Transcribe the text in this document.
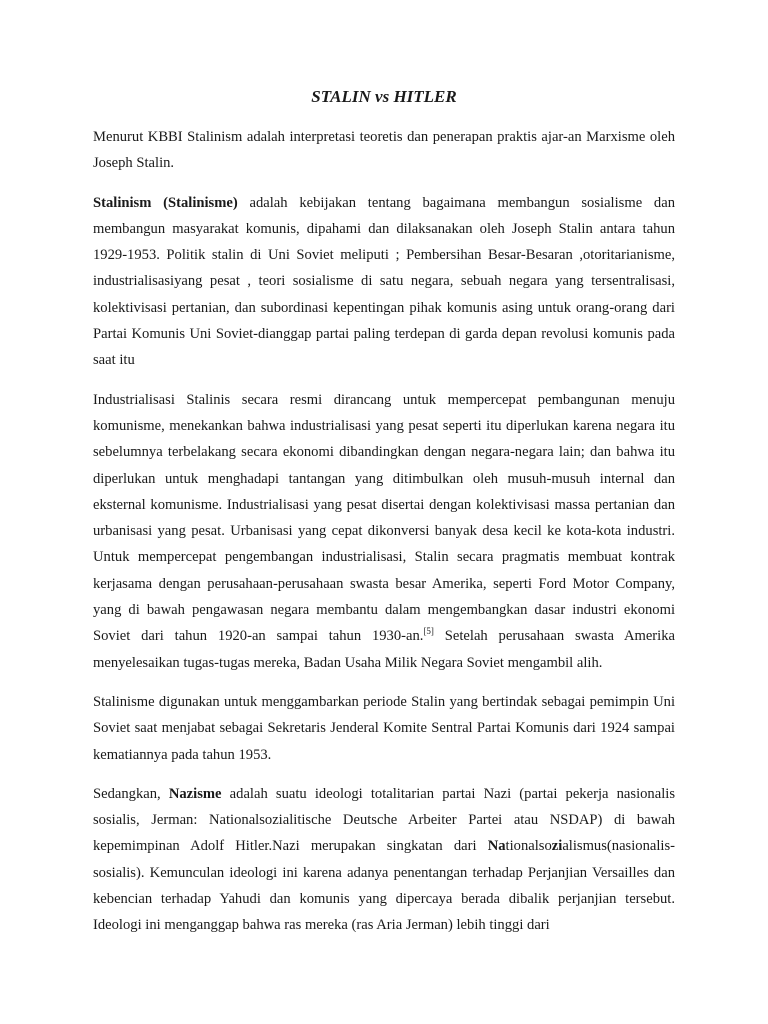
STALIN vs HITLER

Menurut KBBI Stalinism adalah interpretasi teoretis dan penerapan praktis ajar-an Marxisme oleh Joseph Stalin.

Stalinism (Stalinisme) adalah kebijakan tentang bagaimana membangun sosialisme dan membangun masyarakat komunis, dipahami dan dilaksanakan oleh Joseph Stalin antara tahun 1929-1953. Politik stalin di Uni Soviet meliputi ; Pembersihan Besar-Besaran ,otoritarianisme, industrialisasiyang pesat , teori sosialisme di satu negara, sebuah negara yang tersentralisasi, kolektivisasi pertanian, dan subordinasi kepentingan pihak komunis asing untuk orang-orang dari Partai Komunis Uni Soviet-dianggap partai paling terdepan di garda depan revolusi komunis pada saat itu

Industrialisasi Stalinis secara resmi dirancang untuk mempercepat pembangunan menuju komunisme, menekankan bahwa industrialisasi yang pesat seperti itu diperlukan karena negara itu sebelumnya terbelakang secara ekonomi dibandingkan dengan negara-negara lain; dan bahwa itu diperlukan untuk menghadapi tantangan yang ditimbulkan oleh musuh-musuh internal dan eksternal komunisme. Industrialisasi yang pesat disertai dengan kolektivisasi massa pertanian dan urbanisasi yang pesat. Urbanisasi yang cepat dikonversi banyak desa kecil ke kota-kota industri. Untuk mempercepat pengembangan industrialisasi, Stalin secara pragmatis membuat kontrak kerjasama dengan perusahaan-perusahaan swasta besar Amerika, seperti Ford Motor Company, yang di bawah pengawasan negara membantu dalam mengembangkan dasar industri ekonomi Soviet dari tahun 1920-an sampai tahun 1930-an.[5] Setelah perusahaan swasta Amerika menyelesaikan tugas-tugas mereka, Badan Usaha Milik Negara Soviet mengambil alih.

Stalinisme digunakan untuk menggambarkan periode Stalin yang bertindak sebagai pemimpin Uni Soviet saat menjabat sebagai Sekretaris Jenderal Komite Sentral Partai Komunis dari 1924 sampai kematiannya pada tahun 1953.

Sedangkan, Nazisme adalah suatu ideologi totalitarian partai Nazi (partai pekerja nasionalis sosialis, Jerman: Nationalsozialitische Deutsche Arbeiter Partei atau NSDAP) di bawah kepemimpinan Adolf Hitler.Nazi merupakan singkatan dari Nationalsozialismus(nasionalis-sosialis). Kemunculan ideologi ini karena adanya penentangan terhadap Perjanjian Versailles dan kebencian terhadap Yahudi dan komunis yang dipercaya berada dibalik perjanjian tersebut. Ideologi ini menganggap bahwa ras mereka (ras Aria Jerman) lebih tinggi dari
